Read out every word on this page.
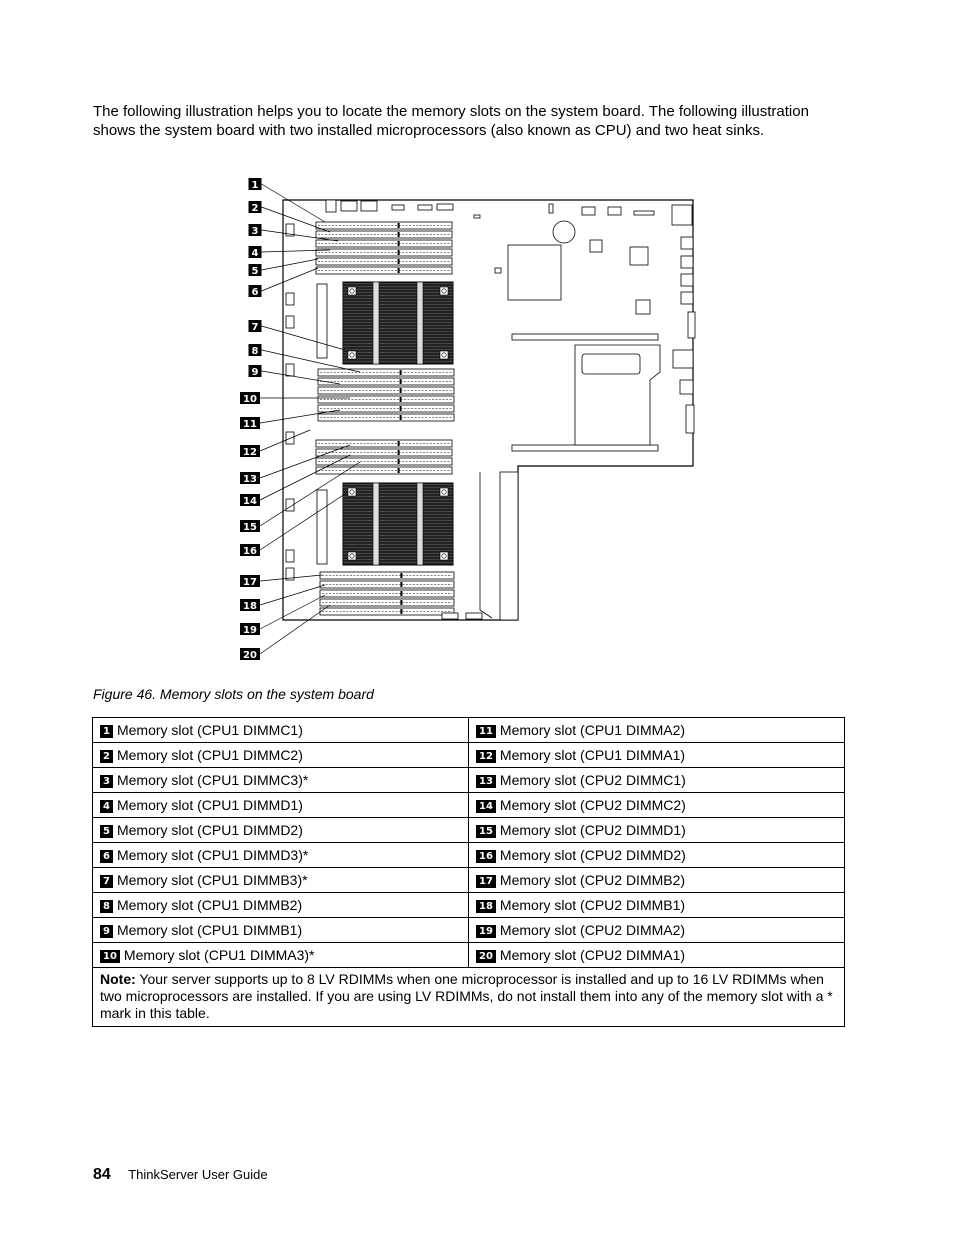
The following illustration helps you to locate the memory slots on the system board. The following illustration shows the system board with two installed microprocessors (also known as CPU) and two heat sinks.

1
2
3
4
5
6
7
8
9
10
11
12
13
14
15
16
17
18
19
20

Figure 46. Memory slots on the system board

1 Memory slot (CPU1 DIMMC1)	11 Memory slot (CPU1 DIMMA2)
2 Memory slot (CPU1 DIMMC2)	12 Memory slot (CPU1 DIMMA1)
3 Memory slot (CPU1 DIMMC3)*	13 Memory slot (CPU2 DIMMC1)
4 Memory slot (CPU1 DIMMD1)	14 Memory slot (CPU2 DIMMC2)
5 Memory slot (CPU1 DIMMD2)	15 Memory slot (CPU2 DIMMD1)
6 Memory slot (CPU1 DIMMD3)*	16 Memory slot (CPU2 DIMMD2)
7 Memory slot (CPU1 DIMMB3)*	17 Memory slot (CPU2 DIMMB2)
8 Memory slot (CPU1 DIMMB2)	18 Memory slot (CPU2 DIMMB1)
9 Memory slot (CPU1 DIMMB1)	19 Memory slot (CPU2 DIMMA2)
10 Memory slot (CPU1 DIMMA3)*	20 Memory slot (CPU2 DIMMA1)
Note: Your server supports up to 8 LV RDIMMs when one microprocessor is installed and up to 16 LV RDIMMs when two microprocessors are installed. If you are using LV RDIMMs, do not install them into any of the memory slot with a * mark in this table.	
84 ThinkServer User Guide
